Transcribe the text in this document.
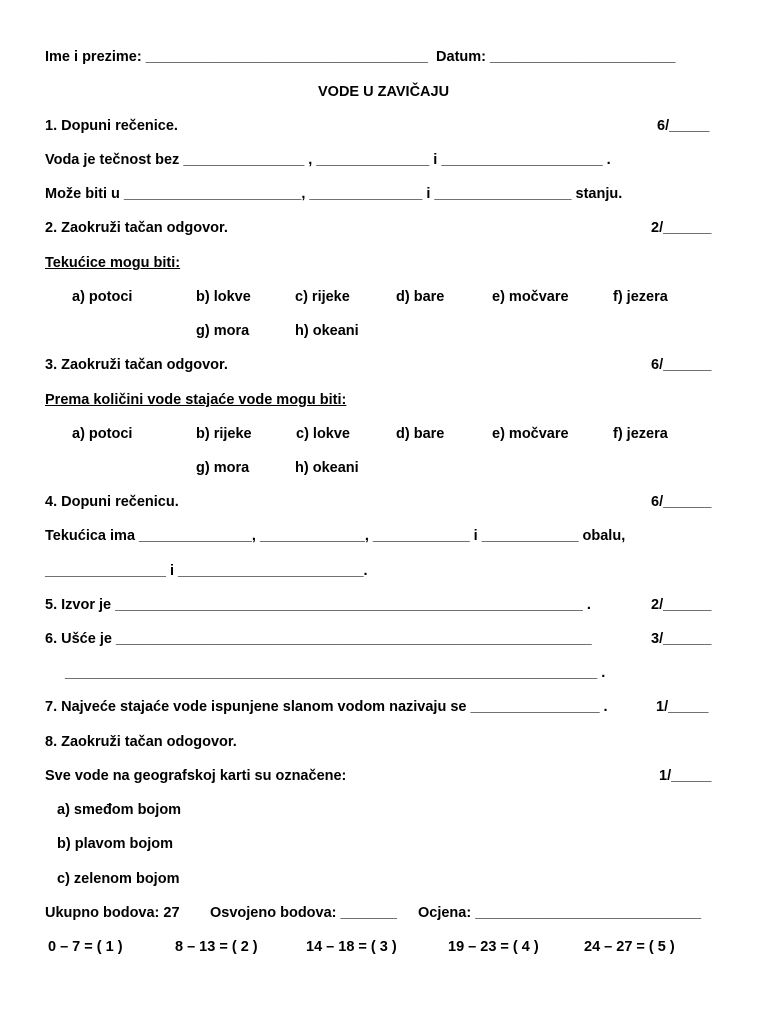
Ime i prezime: ___________________________________  Datum: _______________________
VODE U ZAVIČAJU
1. Dopuni rečenice.	6/_____
Voda je tečnost bez _______________ , ______________ i ____________________ .
Može biti u ______________________, ______________ i _________________ stanju.
2. Zaokruži tačan odgovor.	2/______
Tekućice mogu biti:
a) potoci	b) lokve	c) rijeke	d) bare	e) močvare	f) jezera
g) mora	h) okeani
3. Zaokruži tačan odgovor.	6/______
Prema količini vode stajaće vode mogu biti:
a) potoci	b) rijeke	c) lokve	d) bare	e) močvare	f) jezera
g) mora	h) okeani
4. Dopuni rečenicu.	6/______
Tekućica ima ______________, _____________, ____________ i ____________ obalu,
_______________ i _______________________.
5. Izvor je __________________________________________________________ .	2/______
6. Ušće je ___________________________________________________________	3/______
__________________________________________________________________ .
7. Najveće stajaće vode ispunjene slanom vodom nazivaju se ________________ .	1/_____
8. Zaokruži tačan odogovor.
Sve vode na geografskoj karti su označene:	1/_____
a) smeđom bojom
b) plavom bojom
c) zelenom bojom
Ukupno bodova: 27 Osvojeno bodova: _______ Ocjena: ____________________________
0 – 7 = ( 1 )	8 – 13 = ( 2 )	14 – 18 = ( 3 )	19 – 23 = ( 4 )	24 – 27 = ( 5 )
